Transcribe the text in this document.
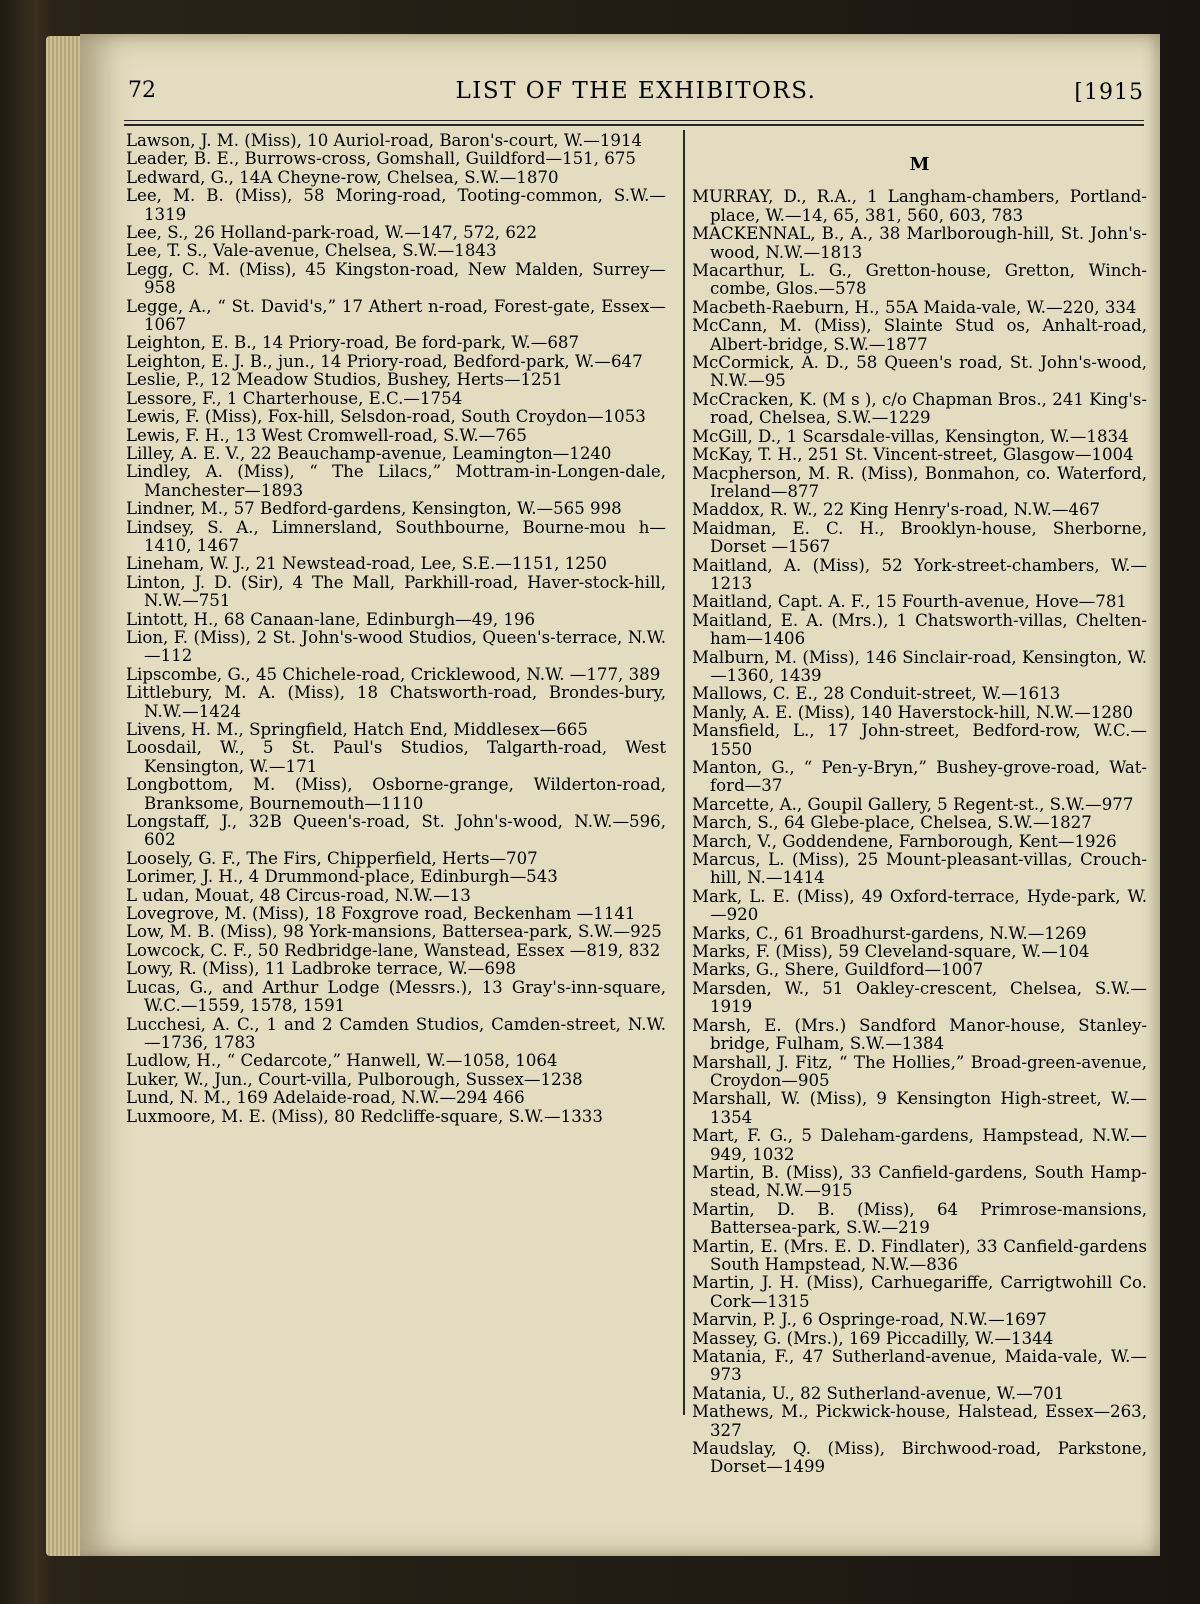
72	LIST OF THE EXHIBITORS.	[1915

Lawson, J. M. (Miss), 10 Auriol-road, Baron's-court, W.—1914

Leader, B. E., Burrows-cross, Gomshall, Guildford—151, 675

Ledward, G., 14A Cheyne-row, Chelsea, S.W.—1870

Lee, M. B. (Miss), 58 Moring-road, Tooting-common, S.W.—1319

Lee, S., 26 Holland-park-road, W.—147, 572, 622

Lee, T. S., Vale-avenue, Chelsea, S.W.—1843

Legg, C. M. (Miss), 45 Kingston-road, New Malden, Surrey—958

Legge, A., “ St. David's,” 17 Athert n-road, Forest-gate, Essex—1067

Leighton, E. B., 14 Priory-road, Be ford-park, W.—687

Leighton, E. J. B., jun., 14 Priory-road, Bedford-park, W.—647

Leslie, P., 12 Meadow Studios, Bushey, Herts—1251

Lessore, F., 1 Charterhouse, E.C.—1754

Lewis, F. (Miss), Fox-hill, Selsdon-road, South Croydon—1053

Lewis, F. H., 13 West Cromwell-road, S.W.—765

Lilley, A. E. V., 22 Beauchamp-avenue, Leamington—1240

Lindley, A. (Miss), “ The Lilacs,” Mottram-in-Longen-dale, Manchester—1893

Lindner, M., 57 Bedford-gardens, Kensington, W.—565 998

Lindsey, S. A., Limnersland, Southbourne, Bourne-mou h—1410, 1467

Lineham, W. J., 21 Newstead-road, Lee, S.E.—1151, 1250

Linton, J. D. (Sir), 4 The Mall, Parkhill-road, Haver-stock-hill, N.W.—751

Lintott, H., 68 Canaan-lane, Edinburgh—49, 196

Lion, F. (Miss), 2 St. John's-wood Studios, Queen's-terrace, N.W.—112

Lipscombe, G., 45 Chichele-road, Cricklewood, N.W. —177, 389

Littlebury, M. A. (Miss), 18 Chatsworth-road, Brondes-bury, N.W.—1424

Livens, H. M., Springfield, Hatch End, Middlesex—665

Loosdail, W., 5 St. Paul's Studios, Talgarth-road, West Kensington, W.—171

Longbottom, M. (Miss), Osborne-grange, Wilderton-road, Branksome, Bournemouth—1110

Longstaff, J., 32B Queen's-road, St. John's-wood, N.W.—596, 602

Loosely, G. F., The Firs, Chipperfield, Herts—707

Lorimer, J. H., 4 Drummond-place, Edinburgh—543

L udan, Mouat, 48 Circus-road, N.W.—13

Lovegrove, M. (Miss), 18 Foxgrove road, Beckenham —1141

Low, M. B. (Miss), 98 York-mansions, Battersea-park, S.W.—925

Lowcock, C. F., 50 Redbridge-lane, Wanstead, Essex —819, 832

Lowy, R. (Miss), 11 Ladbroke terrace, W.—698

Lucas, G., and Arthur Lodge (Messrs.), 13 Gray's-inn-square, W.C.—1559, 1578, 1591

Lucchesi, A. C., 1 and 2 Camden Studios, Camden-street, N.W.—1736, 1783

Ludlow, H., “ Cedarcote,” Hanwell, W.—1058, 1064

Luker, W., Jun., Court-villa, Pulborough, Sussex—1238

Lund, N. M., 169 Adelaide-road, N.W.—294 466

Luxmoore, M. E. (Miss), 80 Redcliffe-square, S.W.—1333

M

MURRAY, D., R.A., 1 Langham-chambers, Portland-place, W.—14, 65, 381, 560, 603, 783

MACKENNAL, B., A., 38 Marlborough-hill, St. John's-wood, N.W.—1813

Macarthur, L. G., Gretton-house, Gretton, Winch-combe, Glos.—578

Macbeth-Raeburn, H., 55A Maida-vale, W.—220, 334

McCann, M. (Miss), Slainte Stud os, Anhalt-road, Albert-bridge, S.W.—1877

McCormick, A. D., 58 Queen's road, St. John's-wood, N.W.—95

McCracken, K. (M s ), c/o Chapman Bros., 241 King's-road, Chelsea, S.W.—1229

McGill, D., 1 Scarsdale-villas, Kensington, W.—1834

McKay, T. H., 251 St. Vincent-street, Glasgow—1004

Macpherson, M. R. (Miss), Bonmahon, co. Waterford, Ireland—877

Maddox, R. W., 22 King Henry's-road, N.W.—467

Maidman, E. C. H., Brooklyn-house, Sherborne, Dorset —1567

Maitland, A. (Miss), 52 York-street-chambers, W.—1213

Maitland, Capt. A. F., 15 Fourth-avenue, Hove—781

Maitland, E. A. (Mrs.), 1 Chatsworth-villas, Chelten-ham—1406

Malburn, M. (Miss), 146 Sinclair-road, Kensington, W. —1360, 1439

Mallows, C. E., 28 Conduit-street, W.—1613

Manly, A. E. (Miss), 140 Haverstock-hill, N.W.—1280

Mansfield, L., 17 John-street, Bedford-row, W.C.—1550

Manton, G., “ Pen-y-Bryn,” Bushey-grove-road, Wat-ford—37

Marcette, A., Goupil Gallery, 5 Regent-st., S.W.—977

March, S., 64 Glebe-place, Chelsea, S.W.—1827

March, V., Goddendene, Farnborough, Kent—1926

Marcus, L. (Miss), 25 Mount-pleasant-villas, Crouch-hill, N.—1414

Mark, L. E. (Miss), 49 Oxford-terrace, Hyde-park, W. —920

Marks, C., 61 Broadhurst-gardens, N.W.—1269

Marks, F. (Miss), 59 Cleveland-square, W.—104

Marks, G., Shere, Guildford—1007

Marsden, W., 51 Oakley-crescent, Chelsea, S.W.—1919

Marsh, E. (Mrs.) Sandford Manor-house, Stanley-bridge, Fulham, S.W.—1384

Marshall, J. Fitz, “ The Hollies,” Broad-green-avenue, Croydon—905

Marshall, W. (Miss), 9 Kensington High-street, W.—1354

Mart, F. G., 5 Daleham-gardens, Hampstead, N.W.—949, 1032

Martin, B. (Miss), 33 Canfield-gardens, South Hamp-stead, N.W.—915

Martin, D. B. (Miss), 64 Primrose-mansions, Battersea-park, S.W.—219

Martin, E. (Mrs. E. D. Findlater), 33 Canfield-gardens South Hampstead, N.W.—836

Martin, J. H. (Miss), Carhuegariffe, Carrigtwohill Co. Cork—1315

Marvin, P. J., 6 Ospringe-road, N.W.—1697

Massey, G. (Mrs.), 169 Piccadilly, W.—1344

Matania, F., 47 Sutherland-avenue, Maida-vale, W.—973

Matania, U., 82 Sutherland-avenue, W.—701

Mathews, M., Pickwick-house, Halstead, Essex—263, 327

Maudslay, Q. (Miss), Birchwood-road, Parkstone, Dorset—1499
